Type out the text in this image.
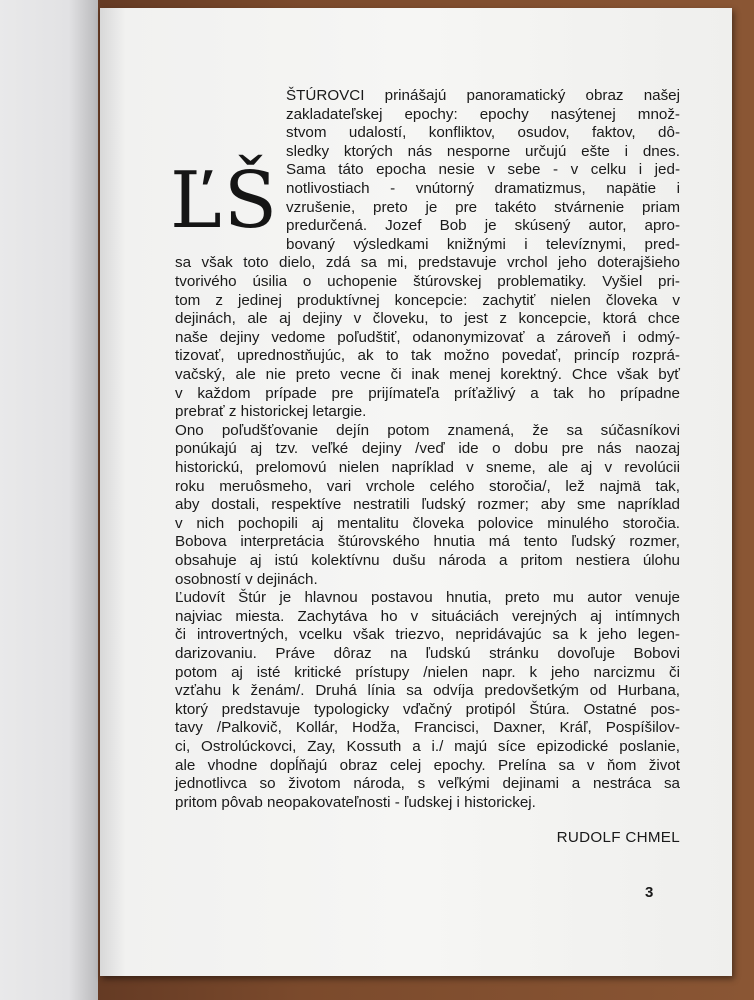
Ľ Š
ŠTÚROVCI prinášajú panoramatický obraz našej
zakladateľskej epochy: epochy nasýtenej množ-
stvom udalostí, konfliktov, osudov, faktov, dô-
sledky ktorých nás nesporne určujú ešte i dnes.
Sama táto epocha nesie v sebe - v celku i jed-
notlivostiach - vnútorný dramatizmus, napätie i
vzrušenie, preto je pre takéto stvárnenie priam
predurčená. Jozef Bob je skúsený autor, apro-
bovaný výsledkami knižnými i televíznymi, pred-
sa však toto dielo, zdá sa mi, predstavuje vrchol jeho doterajšieho
tvorivého úsilia o uchopenie štúrovskej problematiky. Vyšiel pri-
tom z jedinej produktívnej koncepcie: zachytiť nielen človeka v
dejinách, ale aj dejiny v človeku, to jest z koncepcie, ktorá chce
naše dejiny vedome poľudštiť, odanonymizovať a zároveň i odmý-
tizovať, uprednostňujúc, ak to tak možno povedať, princíp rozprá-
vačský, ale nie preto vecne či inak menej korektný. Chce však byť
v každom prípade pre prijímateľa príťažlivý a tak ho prípadne
prebrať z historickej letargie.
Ono poľudšťovanie dejín potom znamená, že sa súčasníkovi
ponúkajú aj tzv. veľké dejiny /veď ide o dobu pre nás naozaj
historickú, prelomovú nielen napríklad v sneme, ale aj v revolúcii
roku meruôsmeho, vari vrchole celého storočia/, lež najmä tak,
aby dostali, respektíve nestratili ľudský rozmer; aby sme napríklad
v nich pochopili aj mentalitu človeka polovice minulého storočia.
Bobova interpretácia štúrovského hnutia má tento ľudský rozmer,
obsahuje aj istú kolektívnu dušu národa a pritom nestiera úlohu
osobností v dejinách.
Ľudovít Štúr je hlavnou postavou hnutia, preto mu autor venuje
najviac miesta. Zachytáva ho v situáciách verejných aj intímnych
či introvertných, vcelku však triezvo, nepridávajúc sa k jeho legen-
darizovaniu. Práve dôraz na ľudskú stránku dovoľuje Bobovi
potom aj isté kritické prístupy /nielen napr. k jeho narcizmu či
vzťahu k ženám/. Druhá línia sa odvíja predovšetkým od Hurbana,
ktorý predstavuje typologicky vďačný protipól Štúra. Ostatné pos-
tavy /Palkovič, Kollár, Hodža, Francisci, Daxner, Kráľ, Pospíšilov-
ci, Ostrolúckovci, Zay, Kossuth a i./ majú síce epizodické poslanie,
ale vhodne dopĺňajú obraz celej epochy. Prelína sa v ňom život
jednotlivca so životom národa, s veľkými dejinami a nestráca sa
pritom pôvab neopakovateľnosti - ľudskej i historickej.
RUDOLF CHMEL
3
